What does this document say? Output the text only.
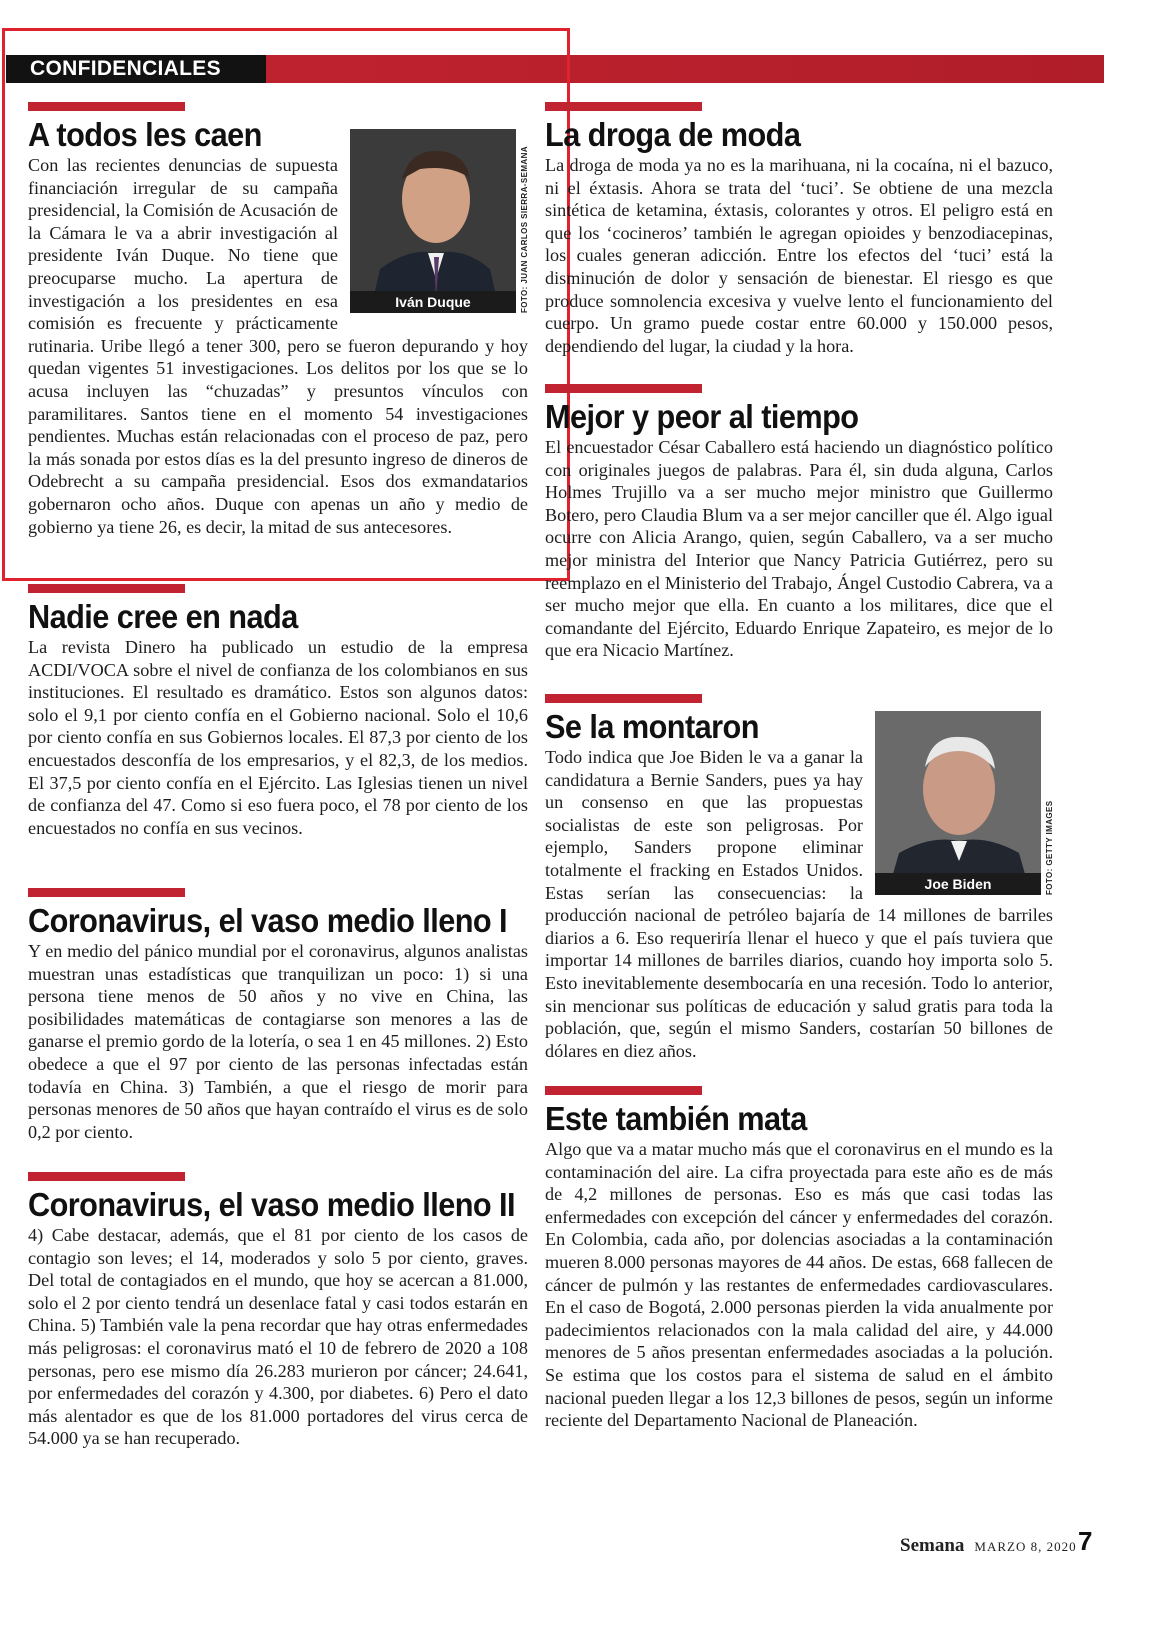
CONFIDENCIALES
Iván Duque	FOTO: JUAN CARLOS SIERRA-SEMANA
A todos les caen
Con las recientes denuncias de supuesta financiación irregular de su campaña presidencial, la Comisión de Acusación de la Cámara le va a abrir investigación al presidente Iván Duque. No tiene que preocuparse mucho. La apertura de investigación a los presidentes en esa comisión es frecuente y prácticamente rutinaria. Uribe llegó a tener 300, pero se fueron depurando y hoy quedan vigentes 51 investigaciones. Los delitos por los que se lo acusa incluyen las “chuzadas” y presuntos vínculos con paramilitares. Santos tiene en el momento 54 investigaciones pendientes. Muchas están relacionadas con el proceso de paz, pero la más sonada por estos días es la del presunto ingreso de dineros de Odebrecht a su campaña presidencial. Esos dos exmandatarios gobernaron ocho años. Duque con apenas un año y medio de gobierno ya tiene 26, es decir, la mitad de sus antecesores.
Nadie cree en nada
La revista Dinero ha publicado un estudio de la empresa ACDI/VOCA sobre el nivel de confianza de los colombianos en sus instituciones. El resultado es dramático. Estos son algunos datos: solo el 9,1 por ciento confía en el Gobierno nacional. Solo el 10,6 por ciento confía en sus Gobiernos locales. El 87,3 por ciento de los encuestados desconfía de los empresarios, y el 82,3, de los medios. El 37,5 por ciento confía en el Ejército. Las Iglesias tienen un nivel de confianza del 47. Como si eso fuera poco, el 78 por ciento de los encuestados no confía en sus vecinos.
Coronavirus, el vaso medio lleno I
Y en medio del pánico mundial por el coronavirus, algunos analistas muestran unas estadísticas que tranquilizan un poco: 1) si una persona tiene menos de 50 años y no vive en China, las posibilidades matemáticas de contagiarse son menores a las de ganarse el premio gordo de la lotería, o sea 1 en 45 millones. 2) Esto obedece a que el 97 por ciento de las personas infectadas están todavía en China. 3) También, a que el riesgo de morir para personas menores de 50 años que hayan contraído el virus es de solo 0,2 por ciento.
Coronavirus, el vaso medio lleno II
4) Cabe destacar, además, que el 81 por ciento de los casos de contagio son leves; el 14, moderados y solo 5 por ciento, graves. Del total de contagiados en el mundo, que hoy se acercan a 81.000, solo el 2 por ciento tendrá un desenlace fatal y casi todos estarán en China. 5) También vale la pena recordar que hay otras enfermedades más peligrosas: el coronavirus mató el 10 de febrero de 2020 a 108 personas, pero ese mismo día 26.283 murieron por cáncer; 24.641, por enfermedades del corazón y 4.300, por diabetes. 6) Pero el dato más alentador es que de los 81.000 portadores del virus cerca de 54.000 ya se han recuperado.
La droga de moda
La droga de moda ya no es la marihuana, ni la cocaína, ni el bazuco, ni el éxtasis. Ahora se trata del ‘tuci’. Se obtiene de una mezcla sintética de ketamina, éxtasis, colorantes y otros. El peligro está en que los ‘cocineros’ también le agregan opioides y benzodiacepinas, los cuales generan adicción. Entre los efectos del ‘tuci’ está la disminución de dolor y sensación de bienestar. El riesgo es que produce somnolencia excesiva y vuelve lento el funcionamiento del cuerpo. Un gramo puede costar entre 60.000 y 150.000 pesos, dependiendo del lugar, la ciudad y la hora.
Mejor y peor al tiempo
El encuestador César Caballero está haciendo un diagnóstico político con originales juegos de palabras. Para él, sin duda alguna, Carlos Holmes Trujillo va a ser mucho mejor ministro que Guillermo Botero, pero Claudia Blum va a ser mejor canciller que él. Algo igual ocurre con Alicia Arango, quien, según Caballero, va a ser mucho mejor ministra del Interior que Nancy Patricia Gutiérrez, pero su reemplazo en el Ministerio del Trabajo, Ángel Custodio Cabrera, va a ser mucho mejor que ella. En cuanto a los militares, dice que el comandante del Ejército, Eduardo Enrique Zapateiro, es mejor de lo que era Nicacio Martínez.
Joe Biden	FOTO: GETTY IMAGES
Se la montaron
Todo indica que Joe Biden le va a ganar la candidatura a Bernie Sanders, pues ya hay un consenso en que las propuestas socialistas de este son peligrosas. Por ejemplo, Sanders propone eliminar totalmente el fracking en Estados Unidos. Estas serían las consecuencias: la producción nacional de petróleo bajaría de 14 millones de barriles diarios a 6. Eso requeriría llenar el hueco y que el país tuviera que importar 14 millones de barriles diarios, cuando hoy importa solo 5. Esto inevitablemente desembocaría en una recesión. Todo lo anterior, sin mencionar sus políticas de educación y salud gratis para toda la población, que, según el mismo Sanders, costarían 50 billones de dólares en diez años.
Este también mata
Algo que va a matar mucho más que el coronavirus en el mundo es la contaminación del aire. La cifra proyectada para este año es de más de 4,2 millones de personas. Eso es más que casi todas las enfermedades con excepción del cáncer y enfermedades del corazón. En Colombia, cada año, por dolencias asociadas a la contaminación mueren 8.000 personas mayores de 44 años. De estas, 668 fallecen de cáncer de pulmón y las restantes de enfermedades cardiovasculares. En el caso de Bogotá, 2.000 personas pierden la vida anualmente por padecimientos relacionados con la mala calidad del aire, y 44.000 menores de 5 años presentan enfermedades asociadas a la polución. Se estima que los costos para el sistema de salud en el ámbito nacional pueden llegar a los 12,3 billones de pesos, según un informe reciente del Departamento Nacional de Planeación.
Semana MARZO 8, 2020 7
